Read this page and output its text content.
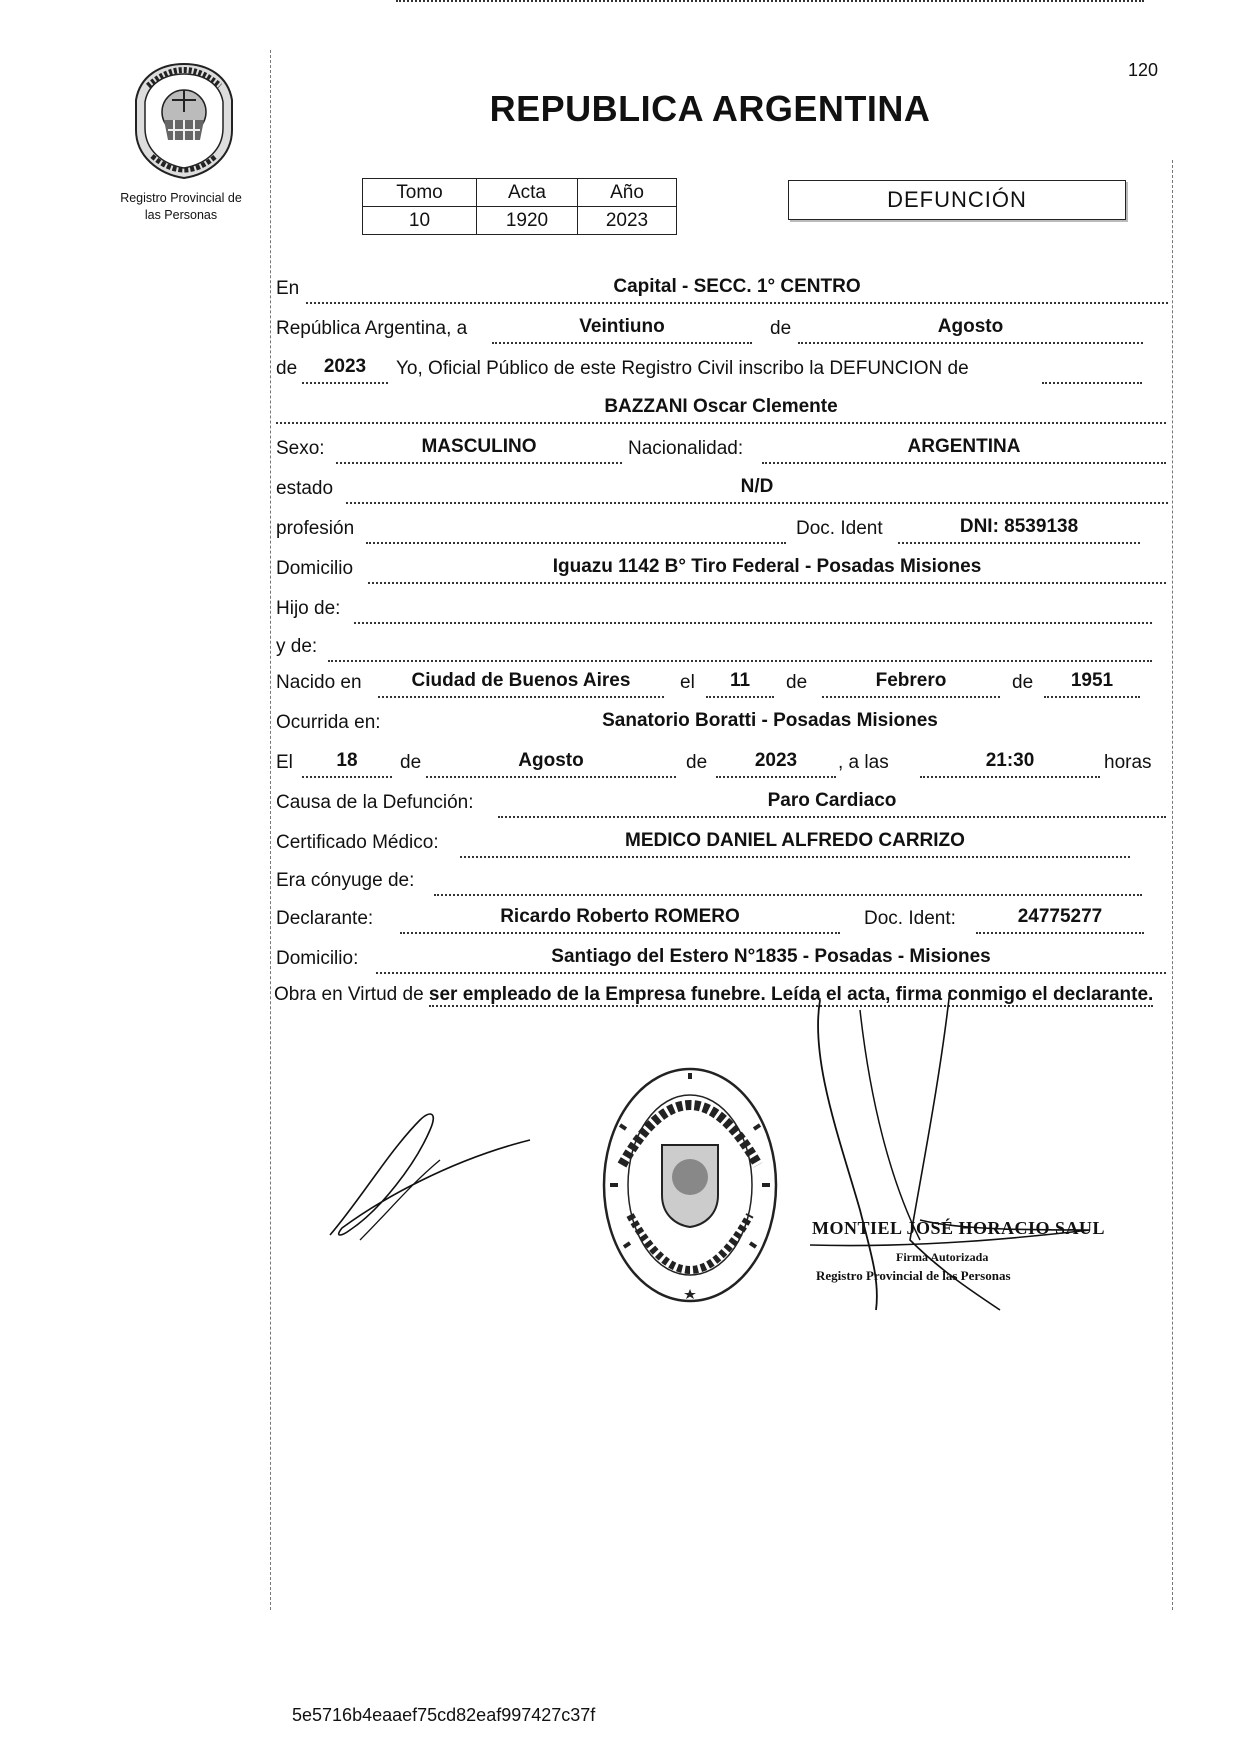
120
REPUBLICA ARGENTINA
Registro Provincial de
las Personas
Tomo	Acta	Año
10	1920	2023
DEFUNCIÓN
En	Capital - SECC. 1° CENTRO
República Argentina, a	Veintiuno	de	Agosto
de	2023	Yo, Oficial Público de este Registro Civil inscribo la DEFUNCION de
BAZZANI Oscar Clemente
Sexo:	MASCULINO	Nacionalidad:	ARGENTINA
estado	N/D
profesión	Doc. Ident	DNI: 8539138
Domicilio	Iguazu 1142 B° Tiro Federal - Posadas Misiones
Hijo de:
y de:
Nacido en	Ciudad de Buenos Aires	el	11	de	Febrero	de	1951
Ocurrida en:	Sanatorio Boratti - Posadas Misiones
El	18	de	Agosto	de	2023	, a las	21:30	horas
Causa de la Defunción:	Paro Cardiaco
Certificado Médico:	MEDICO DANIEL ALFREDO CARRIZO
Era cónyuge de:
Declarante:	Ricardo Roberto ROMERO	Doc. Ident:	24775277
Domicilio:	Santiago del Estero N°1835 - Posadas - Misiones
Obra en Virtud de ser empleado de la Empresa funebre. Leída el acta, firma conmigo el declarante.
MONTIEL JOSÉ HORACIO SAUL
Firma Autorizada
Registro Provincial de las Personas
5e5716b4eaaef75cd82eaf997427c37f
